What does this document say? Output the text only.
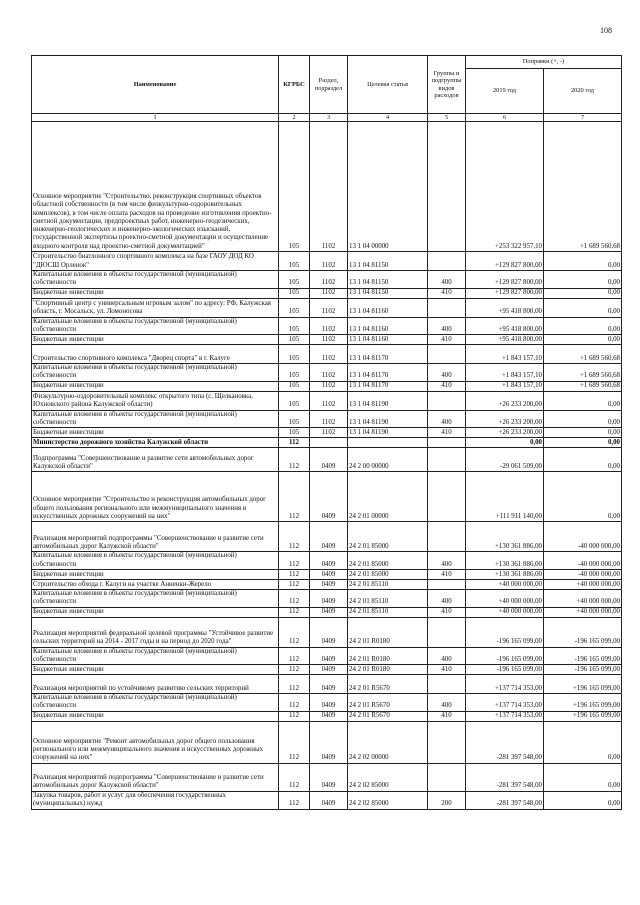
108
Наименование	КГРБС	Раздел, подраздел	Целевая статья	Группы и подгруппы видов расходов	Поправки (+, -)	
					2019 год	2020 год
1	2	3	4	5	6	7
Основное мероприятие "Строительство, реконструкция спортивных объектов областной собственности (в том числе физкультурно-оздоровительных комплексов), в том числе оплата расходов на проведение изготовления проектно-сметной документации, предпроектных работ, инженерно-геодезических, инженерно-геологических и инженерно-экологических изысканий, государственной экспертизы проектно-сметной документации и осуществление входного контроля над проектно-сметной документацией"	105	1102	13 1 04 00000		+253 322 957,10	+1 689 560,68
Строительство биатлонного спортивного комплекса на базе ГАОУ ДОД КО "ДЮСШ Орленок"	105	1102	13 1 04 81150		+129 827 800,00	0,00
Капитальные вложения в объекты государственной (муниципальной) собственности	105	1102	13 1 04 81150	400	+129 827 800,00	0,00
Бюджетные инвестиции	105	1102	13 1 04 81150	410	+129 827 800,00	0,00
"Спортивный центр с универсальным игровым залом" по адресу: РФ, Калужская область, г. Мосальск, ул. Ломоносова	105	1102	13 1 04 81160		+95 418 800,00	0,00
Капитальные вложения в объекты государственной (муниципальной) собственности	105	1102	13 1 04 81160	400	+95 418 800,00	0,00
Бюджетные инвестиции	105	1102	13 1 04 81160	410	+95 418 800,00	0,00
Строительство спортивного комплекса "Дворец спорта" в г. Калуге	105	1102	13 1 04 81170		+1 843 157,10	+1 689 560,68
Капитальные вложения в объекты государственной (муниципальной) собственности	105	1102	13 1 04 81170	400	+1 843 157,10	+1 689 560,68
Бюджетные инвестиции	105	1102	13 1 04 81170	410	+1 843 157,10	+1 689 560,68
Физкультурно-оздоровительный комплекс открытого типа (с. Щелкановка, Юхновского района Калужской области)	105	1102	13 1 04 81190		+26 233 200,00	0,00
Капитальные вложения в объекты государственной (муниципальной) собственности	105	1102	13 1 04 81190	400	+26 233 200,00	0,00
Бюджетные инвестиции	105	1102	13 1 04 81190	410	+26 233 200,00	0,00
Министерство дорожного хозяйства Калужской области	112				0,00	0,00
Подпрограмма "Совершенствование и развитие сети автомобильных дорог Калужской области"	112	0409	24 2 00 00000		-29 061 509,00	0,00
Основное мероприятие "Строительство и реконструкция автомобильных дорог общего пользования регионального или межмуниципального значения и искусственных дорожных сооружений на них"	112	0409	24 2 01 00000		+111 911 140,00	0,00
Реализация мероприятий подпрограммы "Совершенствование и развитие сети автомобильных дорог Калужской области"	112	0409	24 2 01 85000		+130 361 886,00	-40 000 000,00
Капитальные вложения в объекты государственной (муниципальной) собственности	112	0409	24 2 01 85000	400	+130 361 886,00	-40 000 000,00
Бюджетные инвестиции	112	0409	24 2 01 85000	410	+130 361 886,00	-40 000 000,00
Строительство обхода г. Калуги на участке Анненки-Жерело	112	0409	24 2 01 85110		+40 000 000,00	+40 000 000,00
Капитальные вложения в объекты государственной (муниципальной) собственности	112	0409	24 2 01 85110	400	+40 000 000,00	+40 000 000,00
Бюджетные инвестиции	112	0409	24 2 01 85110	410	+40 000 000,00	+40 000 000,00
Реализация мероприятий федеральной целевой программы "Устойчивое развитие сельских территорий на 2014 - 2017 годы и на период до 2020 года"	112	0409	24 2 01 R0180		-196 165 099,00	-196 165 099,00
Капитальные вложения в объекты государственной (муниципальной) собственности	112	0409	24 2 01 R0180	400	-196 165 099,00	-196 165 099,00
Бюджетные инвестиции	112	0409	24 2 01 R0180	410	-196 165 099,00	-196 165 099,00
Реализация мероприятий по устойчивому развитию сельских территорий	112	0409	24 2 01 R5670		+137 714 353,00	+196 165 099,00
Капитальные вложения в объекты государственной (муниципальной) собственности	112	0409	24 2 01 R5670	400	+137 714 353,00	+196 165 099,00
Бюджетные инвестиции	112	0409	24 2 01 R5670	410	+137 714 353,00	+196 165 099,00
Основное мероприятие "Ремонт автомобильных дорог общего пользования регионального или межмуниципального значения и искусственных дорожных сооружений на них"	112	0409	24 2 02 00000		-281 397 548,00	0,00
Реализация мероприятий подпрограммы "Совершенствование и развитие сети автомобильных дорог Калужской области"	112	0409	24 2 02 85000		-281 397 548,00	0,00
Закупка товаров, работ и услуг для обеспечения государственных (муниципальных) нужд	112	0409	24 2 02 85000	200	-281 397 548,00	0,00
